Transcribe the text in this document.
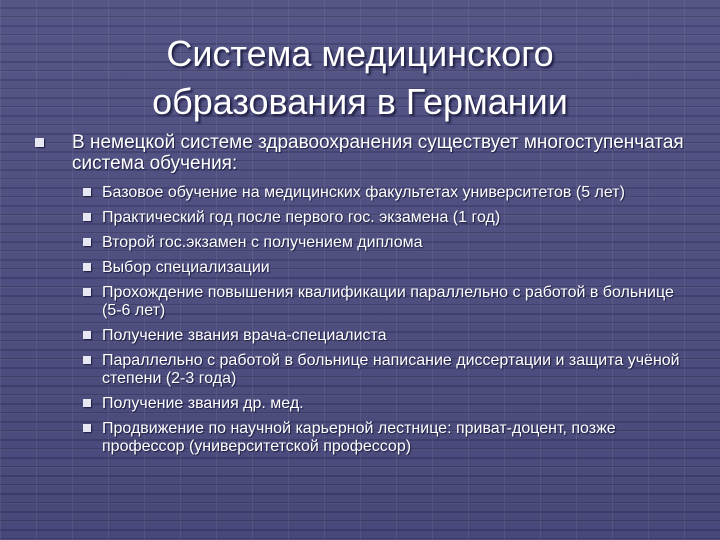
Система медицинского
образования в Германии
В немецкой системе здравоохранения существует многоступенчатая система обучения:
Базовое обучение на медицинских факультетах университетов (5 лет)
Практический год после первого гос. экзамена (1 год)
Второй гос.экзамен с получением диплома
Выбор специализации
Прохождение повышения квалификации параллельно с работой в больнице (5-6 лет)
Получение звания врача-специалиста
Параллельно с работой в больнице написание диссертации и защита учёной степени (2-3 года)
Получение звания др. мед.
Продвижение по научной карьерной лестнице: приват-доцент, позже профессор (университетской профессор)
